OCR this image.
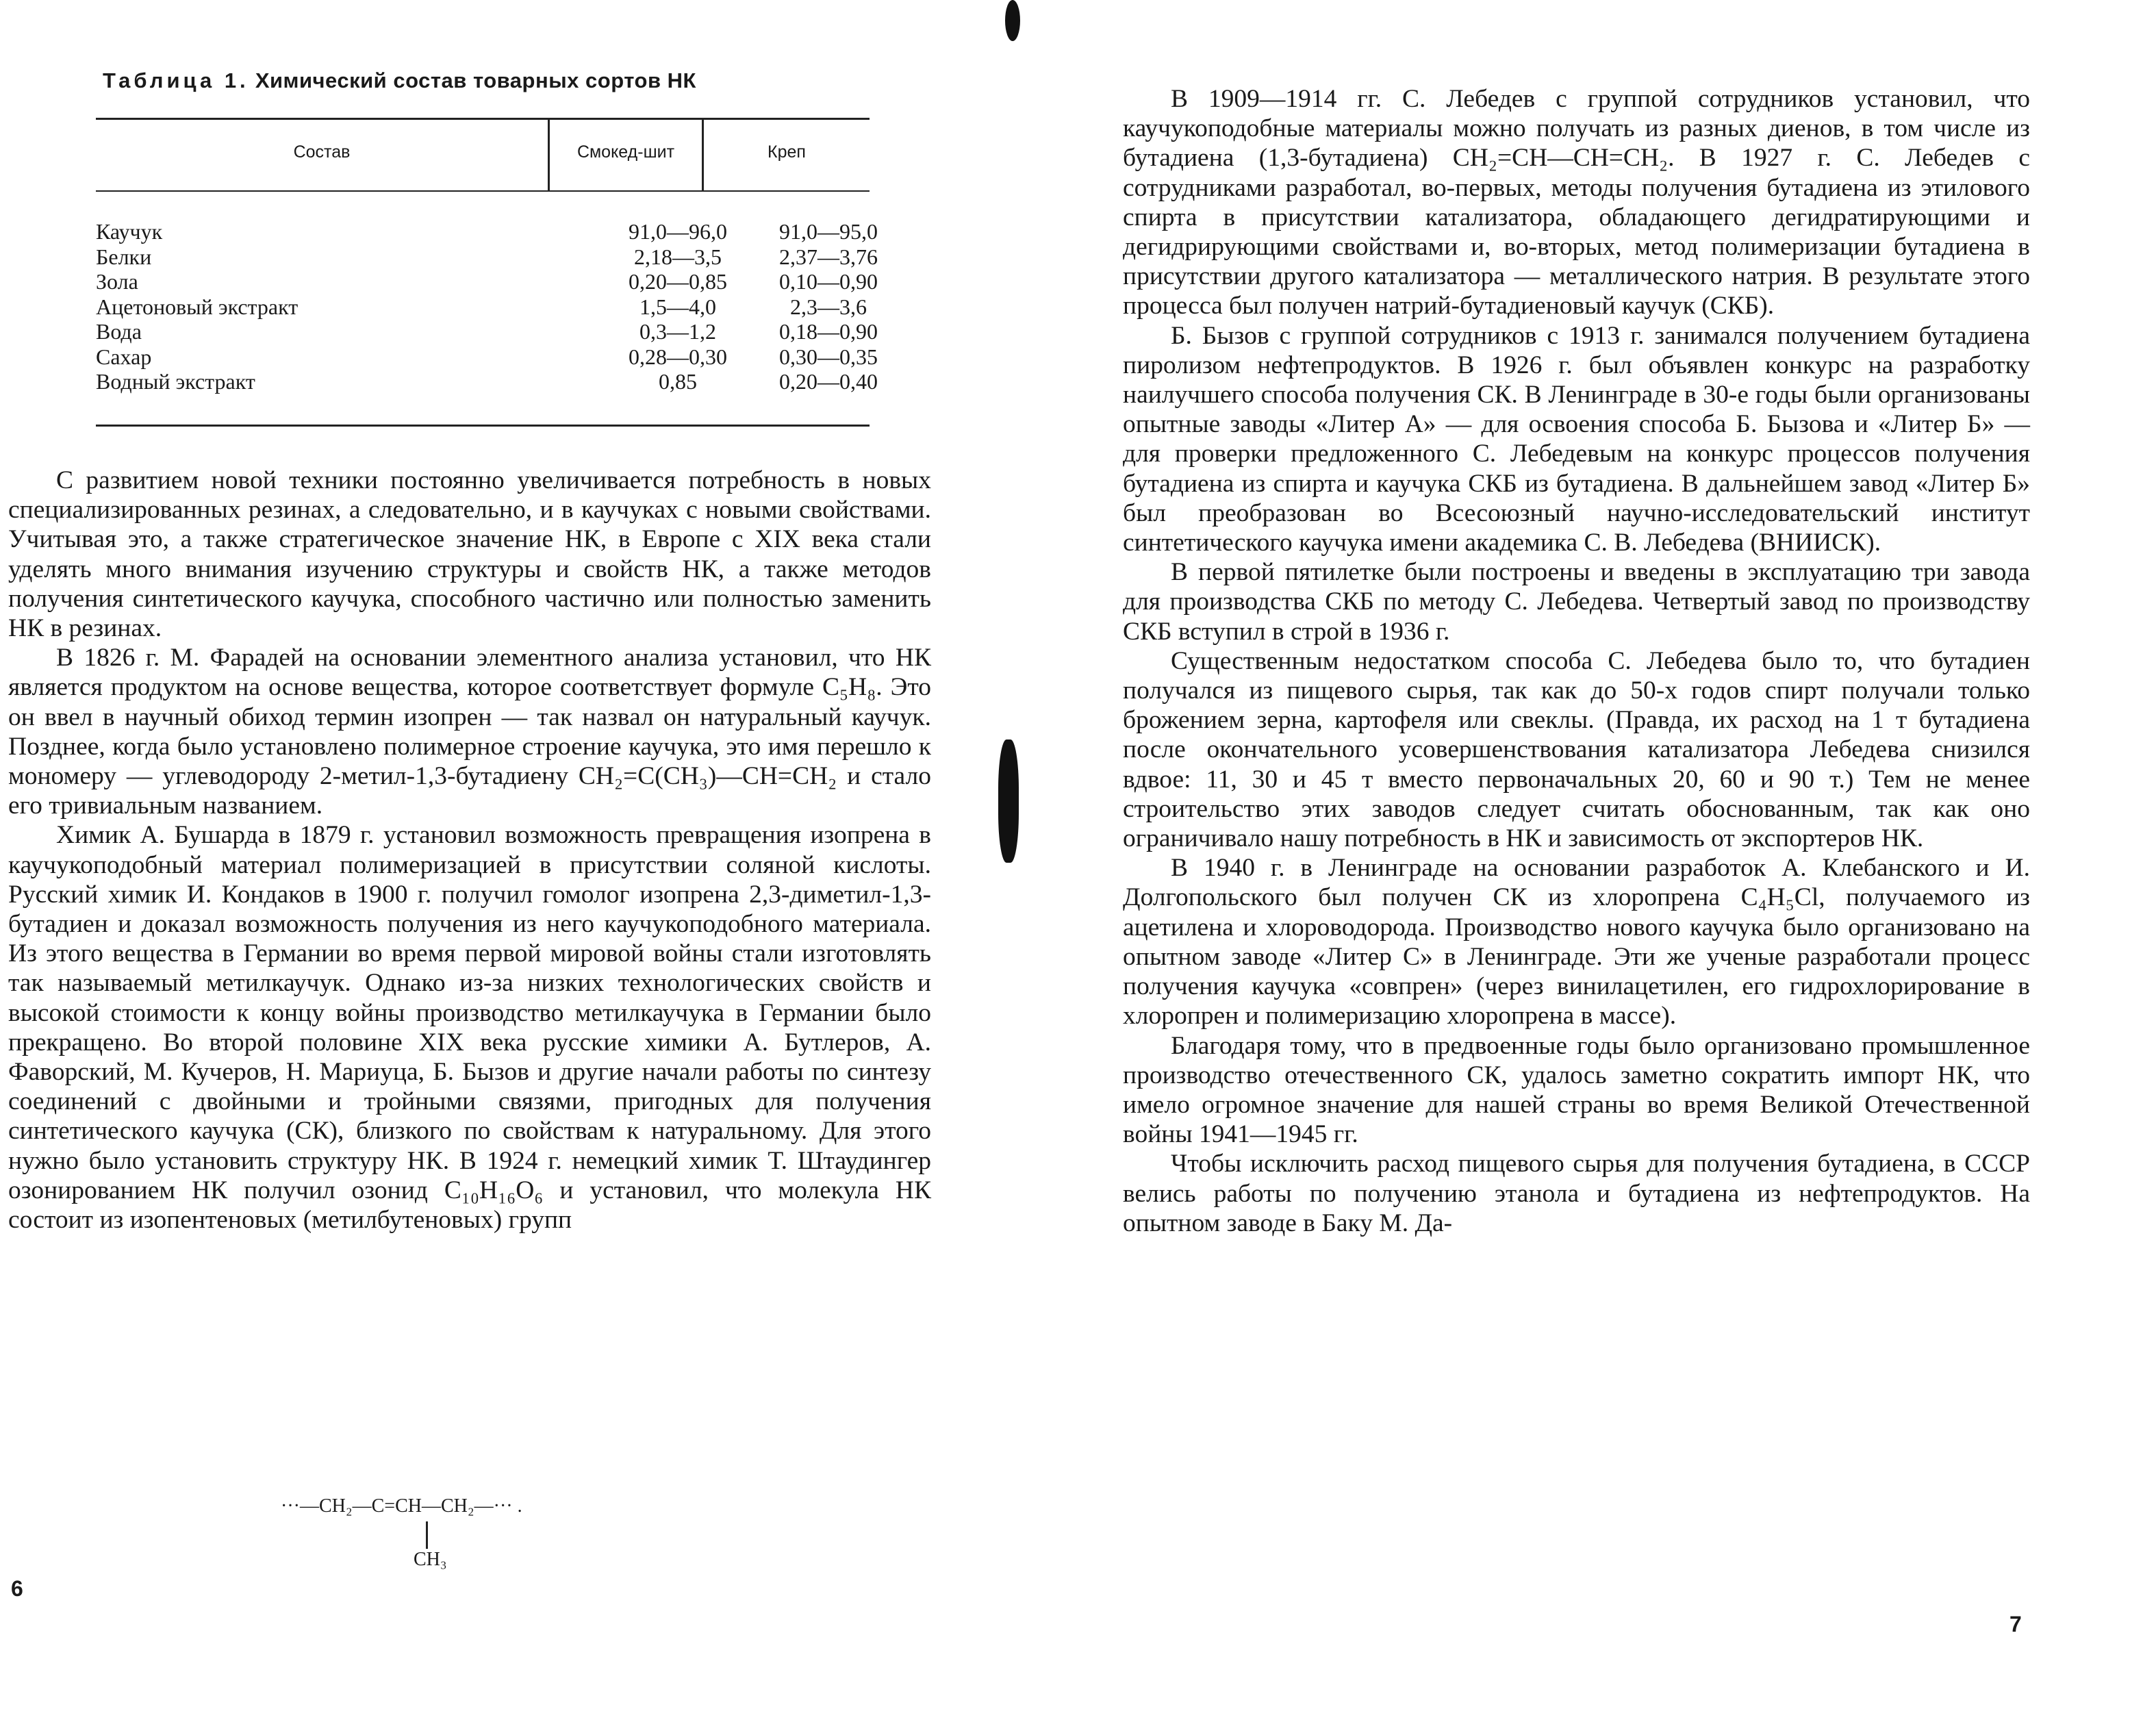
Таблица 1. Химический состав товарных сортов НК
Состав	Смокед-шит	Креп
Каучук	91,0—96,0	91,0—95,0
Белки	2,18—3,5	2,37—3,76
Зола	0,20—0,85	0,10—0,90
Ацетоновый экстракт	1,5—4,0	2,3—3,6
Вода	0,3—1,2	0,18—0,90
Сахар	0,28—0,30	0,30—0,35
Водный экстракт	0,85	0,20—0,40

С развитием новой техники постоянно увеличивается потребность в новых специализированных резинах, а следовательно, и в каучуках с новыми свойствами. Учитывая это, а также стратегическое значение НК, в Европе с XIX века стали уделять много внимания изучению структуры и свойств НК, а также методов получения синтетического каучука, способного частично или полностью заменить НК в резинах.

В 1826 г. М. Фарадей на основании элементного анализа установил, что НК является продуктом на основе вещества, которое соответствует формуле C₅H₈. Это он ввел в научный обиход термин изопрен — так назвал он натуральный каучук. Позднее, когда было установлено полимерное строение каучука, это имя перешло к мономеру — углеводороду 2-метил-1,3-бутадиену CH₂=C(CH₃)—CH=CH₂ и стало его тривиальным названием.

Химик А. Бушарда в 1879 г. установил возможность превращения изопрена в каучукоподобный материал полимеризацией в присутствии соляной кислоты. Русский химик И. Кондаков в 1900 г. получил гомолог изопрена 2,3-диметил-1,3-бутадиен и доказал возможность получения из него каучукоподобного материала. Из этого вещества в Германии во время первой мировой войны стали изготовлять так называемый метилкаучук. Однако из-за низких технологических свойств и высокой стоимости к концу войны производство метилкаучука в Германии было прекращено. Во второй половине XIX века русские химики А. Бутлеров, А. Фаворский, М. Кучеров, Н. Мариуца, Б. Бызов и другие начали работы по синтезу соединений с двойными и тройными связями, пригодных для получения синтетического каучука (СК), близкого по свойствам к натуральному. Для этого нужно было установить структуру НК. В 1924 г. немецкий химик Т. Штаудингер озонированием НК получил озонид C₁₀H₁₆O₆ и установил, что молекула НК состоит из изопентеновых (метилбутеновых) групп

···—CH₂—C=CH—CH₂—··· .
CH₃
6
7

В 1909—1914 гг. С. Лебедев с группой сотрудников установил, что каучукоподобные материалы можно получать из разных диенов, в том числе из бутадиена (1,3-бутадиена) CH₂=CH—CH=CH₂. В 1927 г. С. Лебедев с сотрудниками разработал, во-первых, методы получения бутадиена из этилового спирта в присутствии катализатора, обладающего дегидратирующими и дегидрирующими свойствами и, во-вторых, метод полимеризации бутадиена в присутствии другого катализатора — металлического натрия. В результате этого процесса был получен натрий-бутадиеновый каучук (СКБ).

Б. Бызов с группой сотрудников с 1913 г. занимался получением бутадиена пиролизом нефтепродуктов. В 1926 г. был объявлен конкурс на разработку наилучшего способа получения СК. В Ленинграде в 30-е годы были организованы опытные заводы «Литер А» — для освоения способа Б. Бызова и «Литер Б» — для проверки предложенного С. Лебедевым на конкурс процессов получения бутадиена из спирта и каучука СКБ из бутадиена. В дальнейшем завод «Литер Б» был преобразован во Всесоюзный научно-исследовательский институт синтетического каучука имени академика С. В. Лебедева (ВНИИСК).

В первой пятилетке были построены и введены в эксплуатацию три завода для производства СКБ по методу С. Лебедева. Четвертый завод по производству СКБ вступил в строй в 1936 г.

Существенным недостатком способа С. Лебедева было то, что бутадиен получался из пищевого сырья, так как до 50-х годов спирт получали только брожением зерна, картофеля или свеклы. (Правда, их расход на 1 т бутадиена после окончательного усовершенствования катализатора Лебедева снизился вдвое: 11, 30 и 45 т вместо первоначальных 20, 60 и 90 т.) Тем не менее строительство этих заводов следует считать обоснованным, так как оно ограничивало нашу потребность в НК и зависимость от экспортеров НК.

В 1940 г. в Ленинграде на основании разработок А. Клебанского и И. Долгопольского был получен СК из хлоропрена C₄H₅Cl, получаемого из ацетилена и хлороводорода. Производство нового каучука было организовано на опытном заводе «Литер С» в Ленинграде. Эти же ученые разработали процесс получения каучука «совпрен» (через винилацетилен, его гидрохлорирование в хлоропрен и полимеризацию хлоропрена в массе).

Благодаря тому, что в предвоенные годы было организовано промышленное производство отечественного СК, удалось заметно сократить импорт НК, что имело огромное значение для нашей страны во время Великой Отечественной войны 1941—1945 гг.

Чтобы исключить расход пищевого сырья для получения бутадиена, в СССР велись работы по получению этанола и бутадиена из нефтепродуктов. На опытном заводе в Баку М. Да-
